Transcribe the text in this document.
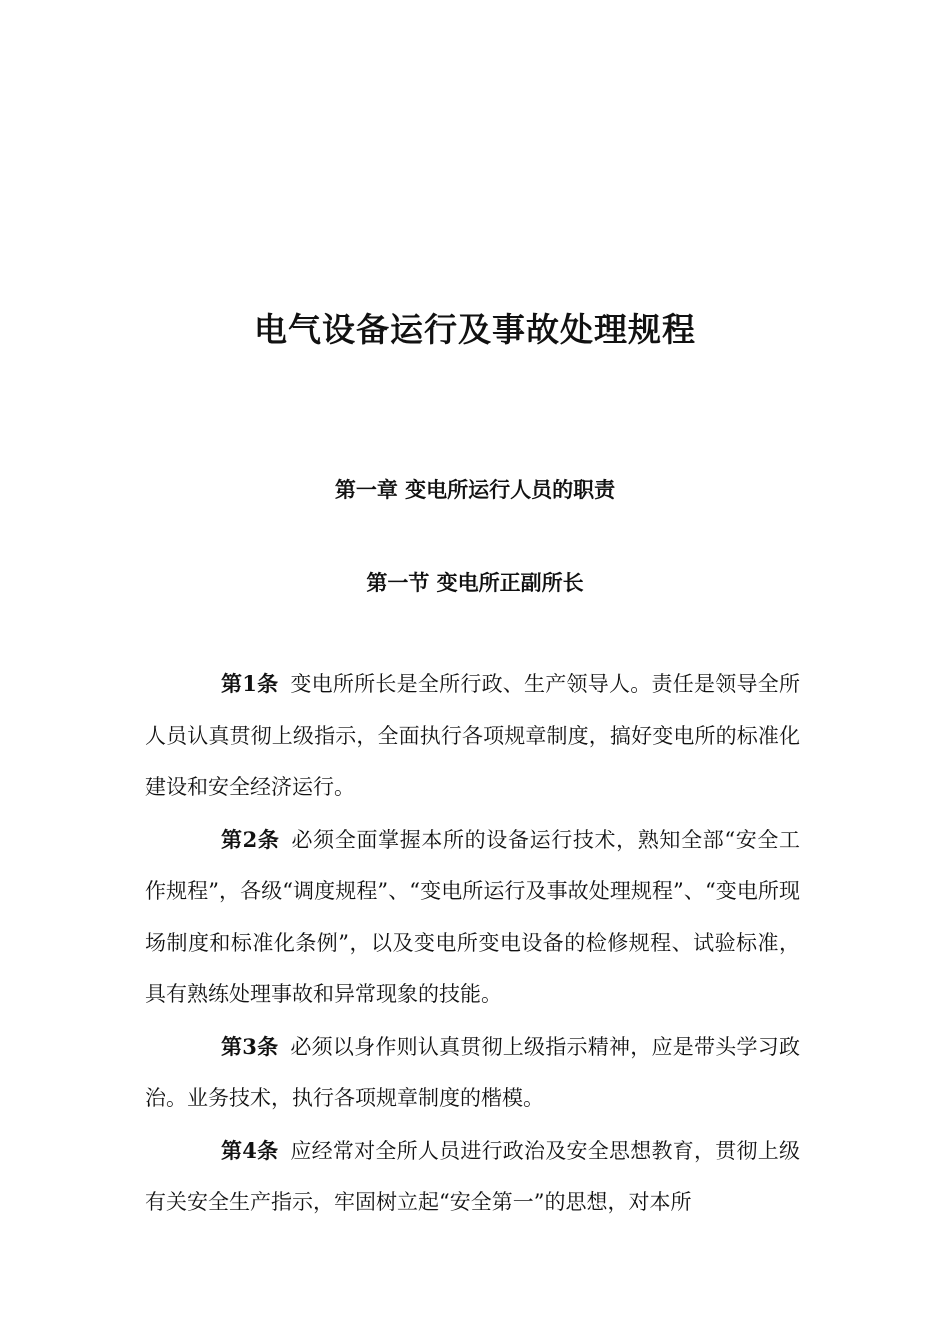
电气设备运行及事故处理规程
第一章 变电所运行人员的职责
第一节 变电所正副所长

第1条 变电所所长是全所行政、生产领导人。责任是领导全所人员认真贯彻上级指示，全面执行各项规章制度，搞好变电所的标准化建设和安全经济运行。

第2条 必须全面掌握本所的设备运行技术，熟知全部“安全工作规程”，各级“调度规程”、“变电所运行及事故处理规程”、“变电所现场制度和标准化条例”，以及变电所变电设备的检修规程、试验标准，具有熟练处理事故和异常现象的技能。

第3条 必须以身作则认真贯彻上级指示精神，应是带头学习政治。业务技术，执行各项规章制度的楷模。

第4条 应经常对全所人员进行政治及安全思想教育，贯彻上级有关安全生产指示，牢固树立起“安全第一”的思想，对本所
